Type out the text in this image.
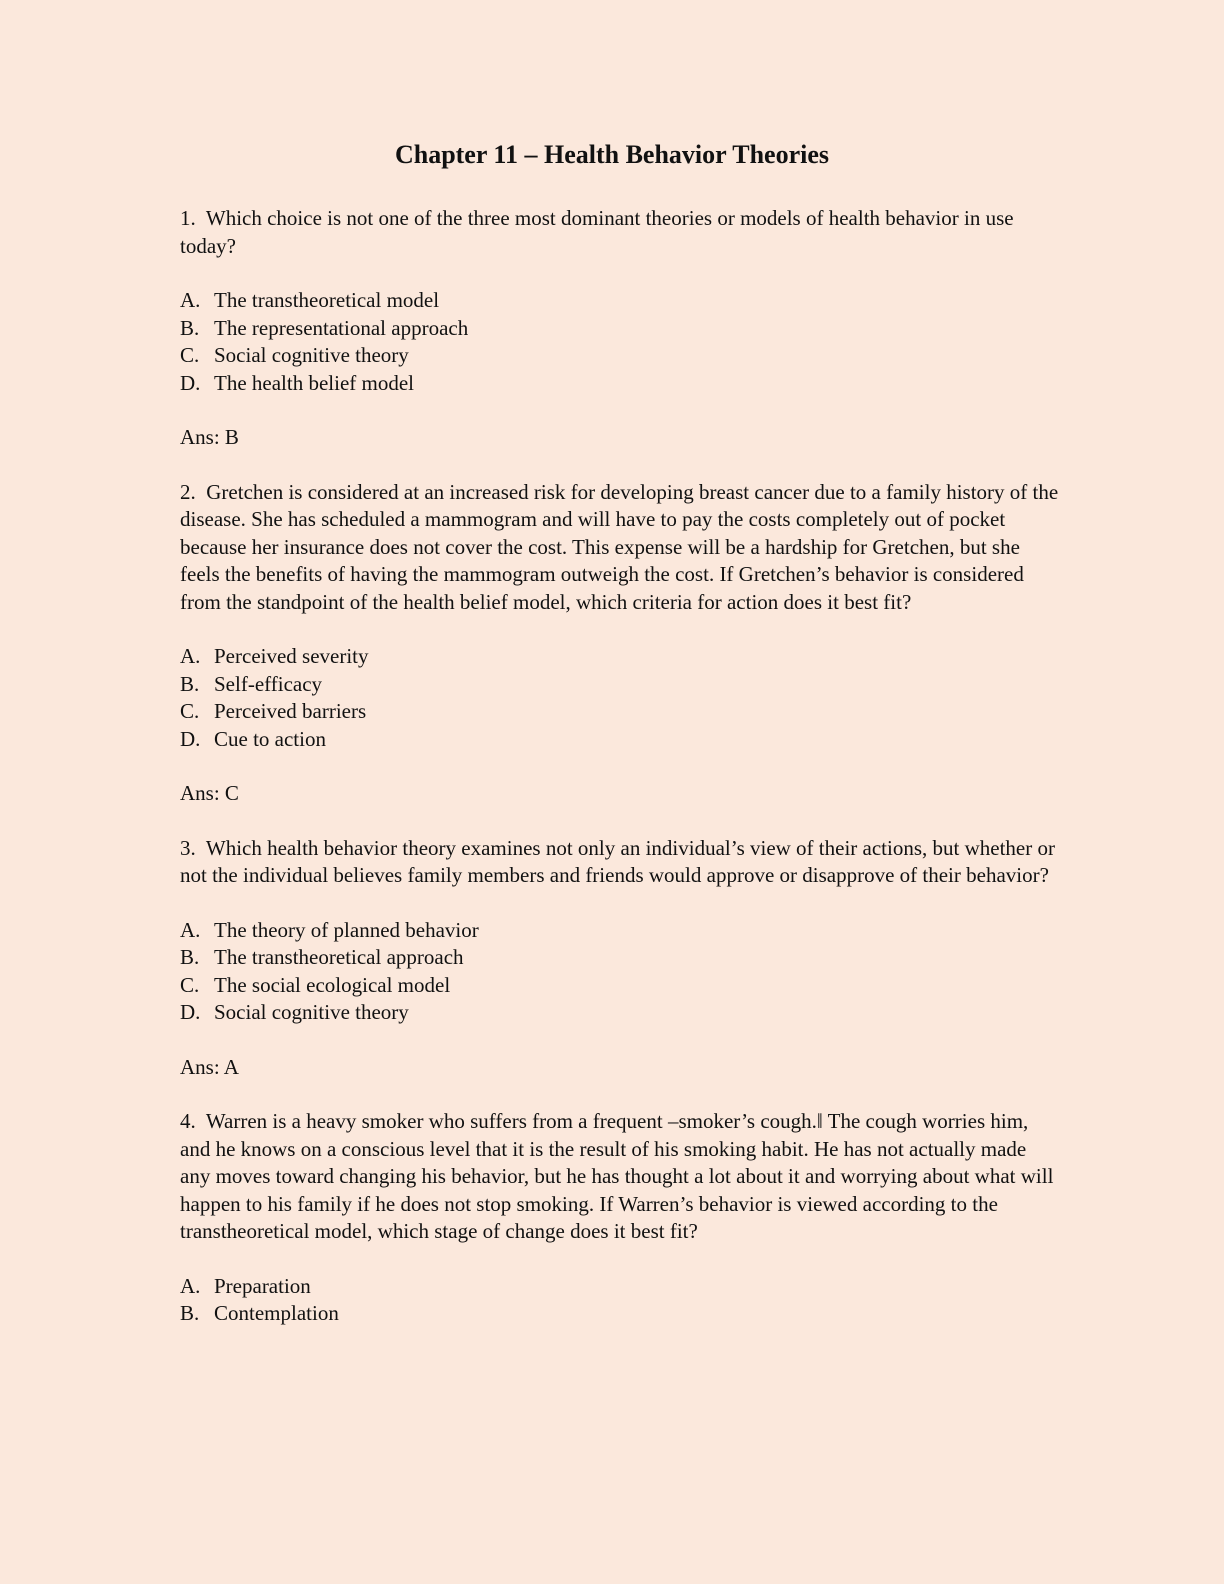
Chapter 11 – Health Behavior Theories

1. Which choice is not one of the three most dominant theories or models of health behavior in use today?

A. The transtheoretical model
B. The representational approach
C. Social cognitive theory
D. The health belief model

Ans: B

2. Gretchen is considered at an increased risk for developing breast cancer due to a family history of the disease. She has scheduled a mammogram and will have to pay the costs completely out of pocket because her insurance does not cover the cost. This expense will be a hardship for Gretchen, but she feels the benefits of having the mammogram outweigh the cost. If Gretchen’s behavior is considered from the standpoint of the health belief model, which criteria for action does it best fit?

A. Perceived severity
B. Self-efficacy
C. Perceived barriers
D. Cue to action

Ans: C

3. Which health behavior theory examines not only an individual’s view of their actions, but whether or not the individual believes family members and friends would approve or disapprove of their behavior?

A. The theory of planned behavior
B. The transtheoretical approach
C. The social ecological model
D. Social cognitive theory

Ans: A

4. Warren is a heavy smoker who suffers from a frequent –smoker’s cough.‖ The cough worries him, and he knows on a conscious level that it is the result of his smoking habit. He has not actually made any moves toward changing his behavior, but he has thought a lot about it and worrying about what will happen to his family if he does not stop smoking. If Warren’s behavior is viewed according to the transtheoretical model, which stage of change does it best fit?

A. Preparation
B. Contemplation
